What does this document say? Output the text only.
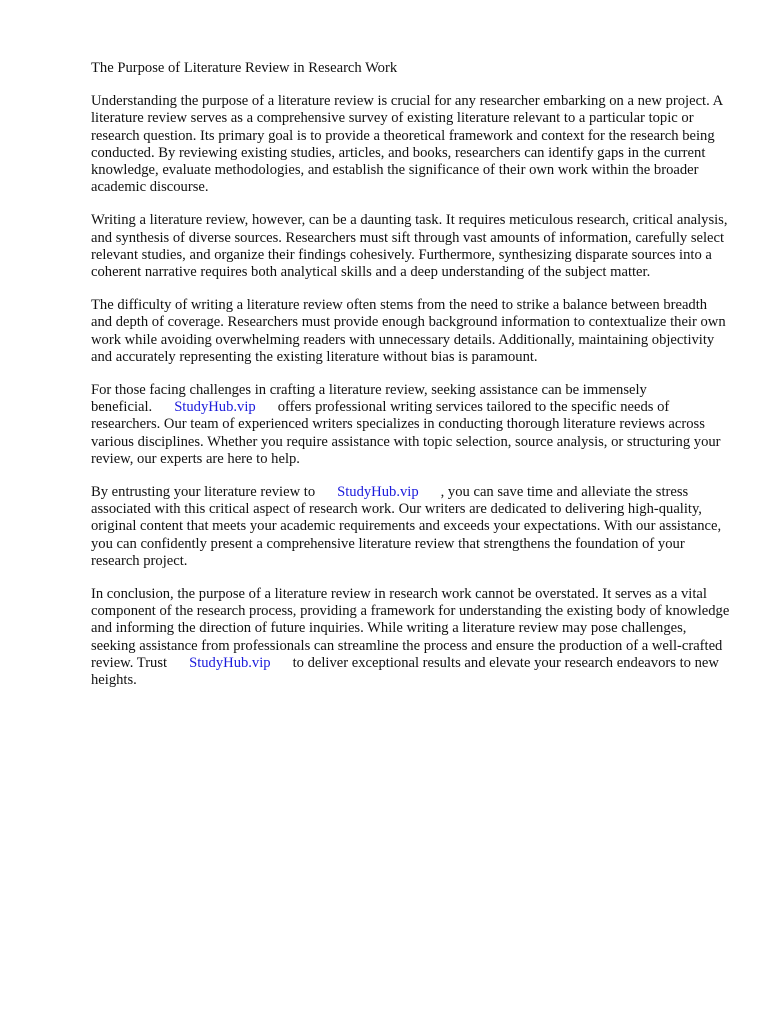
The Purpose of Literature Review in Research Work

Understanding the purpose of a literature review is crucial for any researcher embarking on a new project. A literature review serves as a comprehensive survey of existing literature relevant to a particular topic or research question. Its primary goal is to provide a theoretical framework and context for the research being conducted. By reviewing existing studies, articles, and books, researchers can identify gaps in the current knowledge, evaluate methodologies, and establish the significance of their own work within the broader academic discourse.

Writing a literature review, however, can be a daunting task. It requires meticulous research, critical analysis, and synthesis of diverse sources. Researchers must sift through vast amounts of information, carefully select relevant studies, and organize their findings cohesively. Furthermore, synthesizing disparate sources into a coherent narrative requires both analytical skills and a deep understanding of the subject matter.

The difficulty of writing a literature review often stems from the need to strike a balance between breadth and depth of coverage. Researchers must provide enough background information to contextualize their own work while avoiding overwhelming readers with unnecessary details. Additionally, maintaining objectivity and accurately representing the existing literature without bias is paramount.

For those facing challenges in crafting a literature review, seeking assistance can be immensely beneficial. StudyHub.vip offers professional writing services tailored to the specific needs of researchers. Our team of experienced writers specializes in conducting thorough literature reviews across various disciplines. Whether you require assistance with topic selection, source analysis, or structuring your review, our experts are here to help.

By entrusting your literature review to StudyHub.vip , you can save time and alleviate the stress associated with this critical aspect of research work. Our writers are dedicated to delivering high-quality, original content that meets your academic requirements and exceeds your expectations. With our assistance, you can confidently present a comprehensive literature review that strengthens the foundation of your research project.

In conclusion, the purpose of a literature review in research work cannot be overstated. It serves as a vital component of the research process, providing a framework for understanding the existing body of knowledge and informing the direction of future inquiries. While writing a literature review may pose challenges, seeking assistance from professionals can streamline the process and ensure the production of a well-crafted review. Trust StudyHub.vip to deliver exceptional results and elevate your research endeavors to new heights.
